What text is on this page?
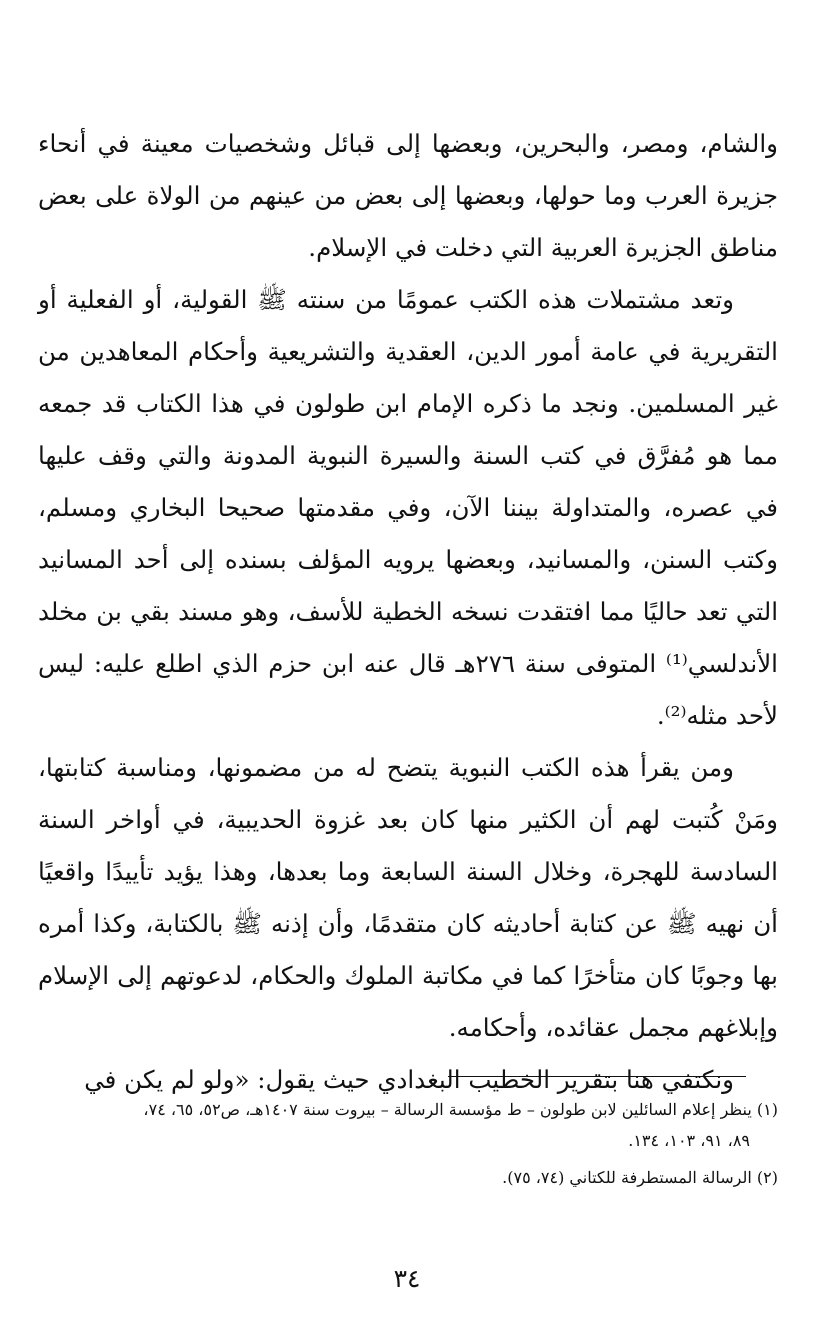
والشام، ومصر، والبحرين، وبعضها إلى قبائل وشخصيات معينة في أنحاء جزيرة العرب وما حولها، وبعضها إلى بعض من عينهم من الولاة على بعض مناطق الجزيرة العربية التي دخلت في الإسلام.

وتعد مشتملات هذه الكتب عمومًا من سنته ﷺ القولية، أو الفعلية أو التقريرية في عامة أمور الدين، العقدية والتشريعية وأحكام المعاهدين من غير المسلمين. ونجد ما ذكره الإمام ابن طولون في هذا الكتاب قد جمعه مما هو مُفرَّق في كتب السنة والسيرة النبوية المدونة والتي وقف عليها في عصره، والمتداولة بيننا الآن، وفي مقدمتها صحيحا البخاري ومسلم، وكتب السنن، والمسانيد، وبعضها يرويه المؤلف بسنده إلى أحد المسانيد التي تعد حاليًا مما افتقدت نسخه الخطية للأسف، وهو مسند بقي بن مخلد الأندلسي⁽¹⁾ المتوفى سنة ٢٧٦هـ قال عنه ابن حزم الذي اطلع عليه: ليس لأحد مثله⁽²⁾.

ومن يقرأ هذه الكتب النبوية يتضح له من مضمونها، ومناسبة كتابتها، ومَنْ كُتبت لهم أن الكثير منها كان بعد غزوة الحديبية، في أواخر السنة السادسة للهجرة، وخلال السنة السابعة وما بعدها، وهذا يؤيد تأييدًا واقعيًا أن نهيه ﷺ عن كتابة أحاديثه كان متقدمًا، وأن إذنه ﷺ بالكتابة، وكذا أمره بها وجوبًا كان متأخرًا كما في مكاتبة الملوك والحكام، لدعوتهم إلى الإسلام وإبلاغهم مجمل عقائده، وأحكامه.

ونكتفي هنا بتقرير الخطيب البغدادي حيث يقول: «ولو لم يكن في

(١) ينظر إعلام السائلين لابن طولون – ط مؤسسة الرسالة – بيروت سنة ١٤٠٧هـ، ص٥٢، ٦٥، ٧٤،
٨٩، ٩١، ١٠٣، ١٣٤.

(٢) الرسالة المستطرفة للكتاني (٧٤، ٧٥).

٣٤
